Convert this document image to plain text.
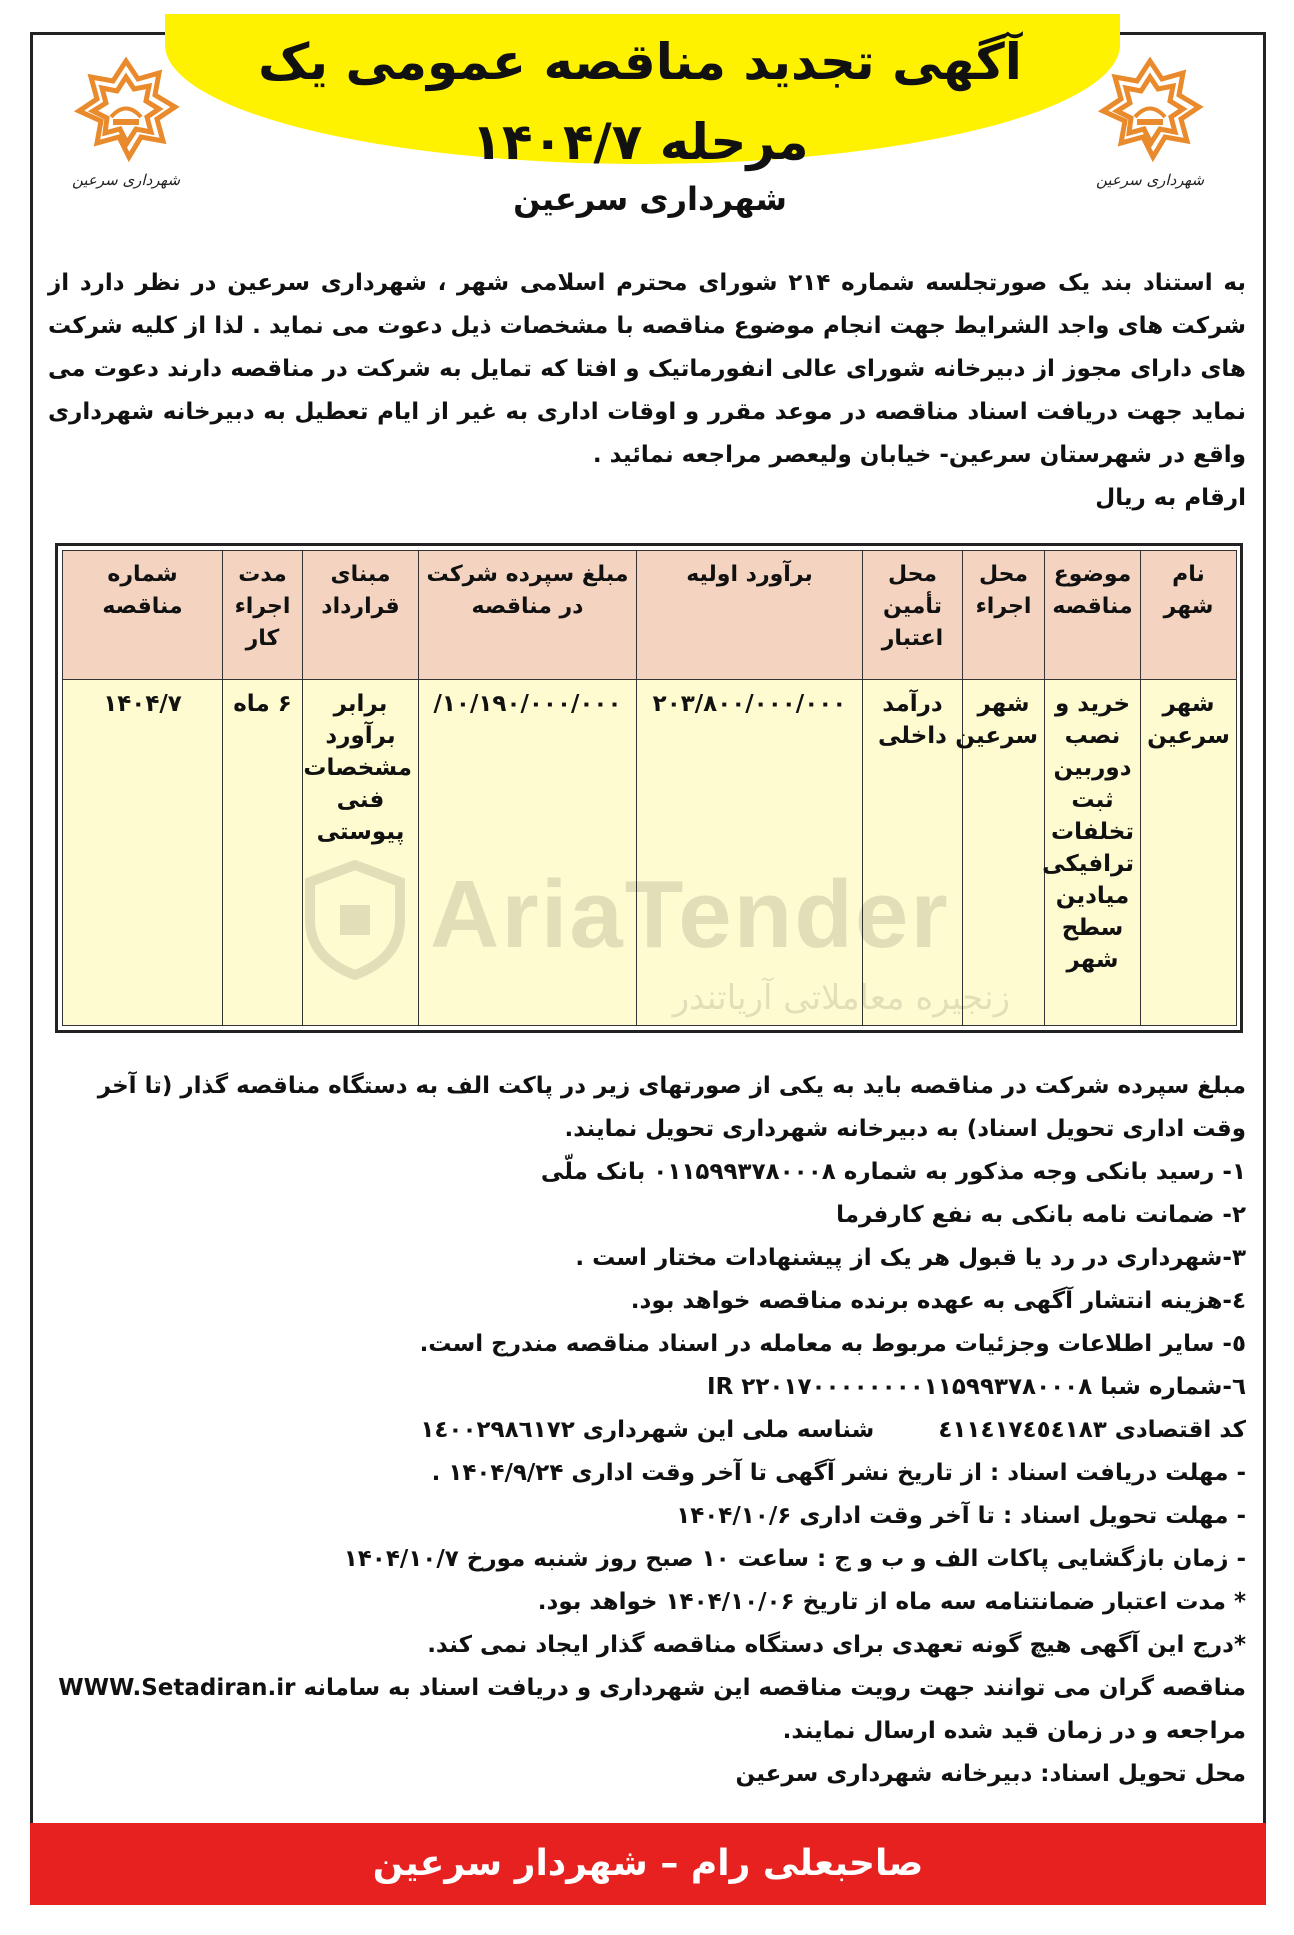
آگهی تجدید مناقصه عمومی یک مرحله ۱۴۰۴/۷
شهرداری سرعین
شهرداری سرعین	شهرداری سرعین

به استناد بند یک صورتجلسه شماره ۲۱۴ شورای محترم اسلامی شهر ، شهرداری سرعین در نظر دارد از شرکت های واجد الشرایط جهت انجام موضوع مناقصه با مشخصات ذیل دعوت می نماید . لذا از کلیه شرکت های دارای مجوز از دبیرخانه شورای عالی انفورماتیک و افتا که تمایل به شرکت در مناقصه دارند دعوت می نماید جهت دریافت اسناد مناقصه در موعد مقرر و اوقات اداری به غیر از ایام تعطیل به دبیرخانه شهرداری واقع در شهرستان سرعین- خیابان ولیعصر مراجعه نمائید .

ارقام به ریال

نام شهر	موضوع مناقصه	محل اجراء	محل تأمین اعتبار	برآورد اولیه	مبلغ سپرده شرکت در مناقصه	مبنای قرارداد	مدت اجراء کار	شماره مناقصه
شهر سرعین	خرید و نصب دوربین ثبت تخلفات ترافیکی میادین سطح شهر	شهر سرعین	درآمد داخلی	۲۰۳/۸۰۰/۰۰۰/۰۰۰	۱۰/۱۹۰/۰۰۰/۰۰۰/	برابر برآورد مشخصات فنی پیوستی	۶ ماه	۱۴۰۴/۷

مبلغ سپرده شرکت در مناقصه باید به یکی از صورتهای زیر در پاکت الف به دستگاه مناقصه گذار (تا آخر وقت اداری تحویل اسناد) به دبیرخانه شهرداری تحویل نمایند.

۱- رسید بانکی وجه مذکور به شماره ۰۱۱۵۹۹۳۷۸۰۰۰۸ بانک ملّی

۲- ضمانت نامه بانکی به نفع کارفرما

۳-شهرداری در رد یا قبول هر یک از پیشنهادات مختار است .

٤-هزینه انتشار آگهی به عهده برنده مناقصه خواهد بود.

٥- سایر اطلاعات وجزئیات مربوط به معامله در اسناد مناقصه مندرج است.

٦-شماره شبا IR ۲۲۰۱۷۰۰۰۰۰۰۰۰۱۱۵۹۹۳۷۸۰۰۰۸

کد اقتصادی ٤١١٤١٧٤٥٤١٨٣        شناسه ملی این شهرداری ۱٤۰۰۲۹۸٦۱۷۲

- مهلت دریافت اسناد : از تاریخ نشر آگهی تا آخر وقت اداری ۱۴۰۴/۹/۲۴ .

- مهلت تحویل اسناد : تا آخر وقت اداری ۱۴۰۴/۱۰/۶

- زمان بازگشایی پاکات الف و ب و ج : ساعت ۱۰ صبح روز شنبه مورخ ۱۴۰۴/۱۰/۷

* مدت اعتبار ضمانتنامه سه ماه از تاریخ ۱۴۰۴/۱۰/۰۶ خواهد بود.

*درج این آگهی هیچ گونه تعهدی برای دستگاه مناقصه گذار ایجاد نمی کند.

مناقصه گران می توانند جهت رویت مناقصه این شهرداری و دریافت اسناد به سامانه WWW.Setadiran.ir مراجعه و در زمان قید شده ارسال نمایند.

محل تحویل اسناد: دبیرخانه شهرداری سرعین

صاحبعلی رام – شهردار سرعین
